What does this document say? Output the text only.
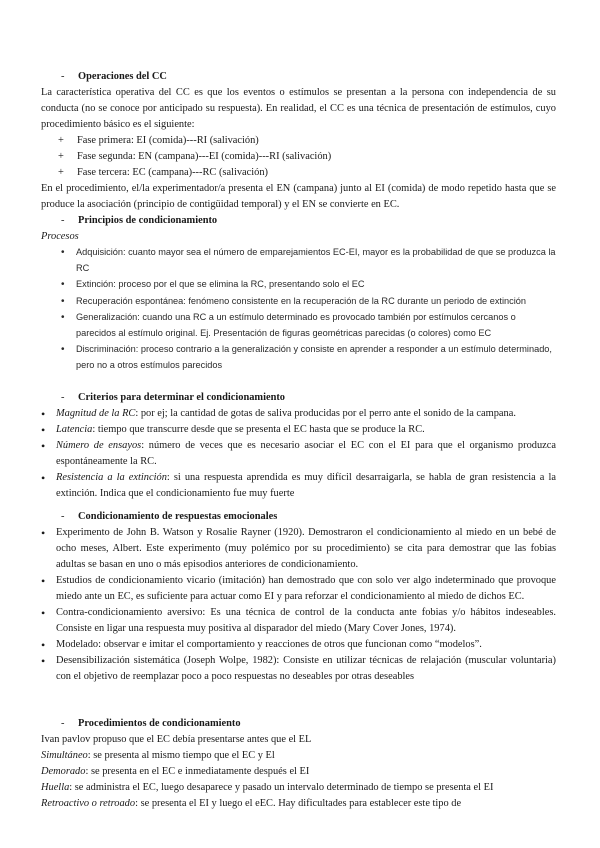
- Operaciones del CC

La característica operativa del CC es que los eventos o estímulos se presentan a la persona con independencia de su conducta (no se conoce por anticipado su respuesta). En realidad, el CC es una técnica de presentación de estímulos, cuyo procedimiento básico es el siguiente:

+ Fase primera: EI (comida)---RI (salivación)
+ Fase segunda: EN (campana)---EI (comida)---RI (salivación)
+ Fase tercera: EC (campana)---RC (salivación)

En el procedimiento, el/la experimentador/a presenta el EN (campana) junto al EI (comida) de modo repetido hasta que se produce la asociación (principio de contigüidad temporal) y el EN se convierte en EC.

- Principios de condicionamiento

Procesos

• Adquisición: cuanto mayor sea el número de emparejamientos EC-EI, mayor es la probabilidad de que se produzca la RC
• Extinción: proceso por el que se elimina la RC, presentando solo el EC
• Recuperación espontánea: fenómeno consistente en la recuperación de la RC durante un periodo de extinción
• Generalización: cuando una RC a un estímulo determinado es provocado también por estímulos cercanos o parecidos al estímulo original. Ej. Presentación de figuras geométricas parecidas (o colores) como EC
• Discriminación: proceso contrario a la generalización y consiste en aprender a responder a un estímulo determinado, pero no a otros estímulos parecidos
- Criterios para determinar el condicionamiento
• Magnitud de la RC: por ej; la cantidad de gotas de saliva producidas por el perro ante el sonido de la campana.
• Latencia: tiempo que transcurre desde que se presenta el EC hasta que se produce la RC.
• Número de ensayos: número de veces que es necesario asociar el EC con el EI para que el organismo produzca espontáneamente la RC.
• Resistencia a la extinción: si una respuesta aprendida es muy difícil desarraigarla, se habla de gran resistencia a la extinción. Indica que el condicionamiento fue muy fuerte
- Condicionamiento de respuestas emocionales
• Experimento de John B. Watson y Rosalie Rayner (1920). Demostraron el condicionamiento al miedo en un bebé de ocho meses, Albert. Este experimento (muy polémico por su procedimiento) se cita para demostrar que las fobias adultas se basan en uno o más episodios anteriores de condicionamiento.
• Estudios de condicionamiento vicario (imitación) han demostrado que con solo ver algo indeterminado que provoque miedo ante un EC, es suficiente para actuar como EI y para reforzar el condicionamiento al miedo de dichos EC.
• Contra-condicionamiento aversivo: Es una técnica de control de la conducta ante fobias y/o hábitos indeseables. Consiste en ligar una respuesta muy positiva al disparador del miedo (Mary Cover Jones, 1974).
• Modelado: observar e imitar el comportamiento y reacciones de otros que funcionan como “modelos”.
• Desensibilización sistemática (Joseph Wolpe, 1982): Consiste en utilizar técnicas de relajación (muscular voluntaria) con el objetivo de reemplazar poco a poco respuestas no deseables por otras deseables
- Procedimientos de condicionamiento

Ivan pavlov propuso que el EC debía presentarse antes que el EL

Simultáneo: se presenta al mismo tiempo que el EC y El

Demorado: se presenta en el EC e inmediatamente después el EI

Huella: se administra el EC, luego desaparece y pasado un intervalo determinado de tiempo se presenta el EI

Retroactivo o retroado: se presenta el EI y luego el eEC. Hay dificultades para establecer este tipo de
